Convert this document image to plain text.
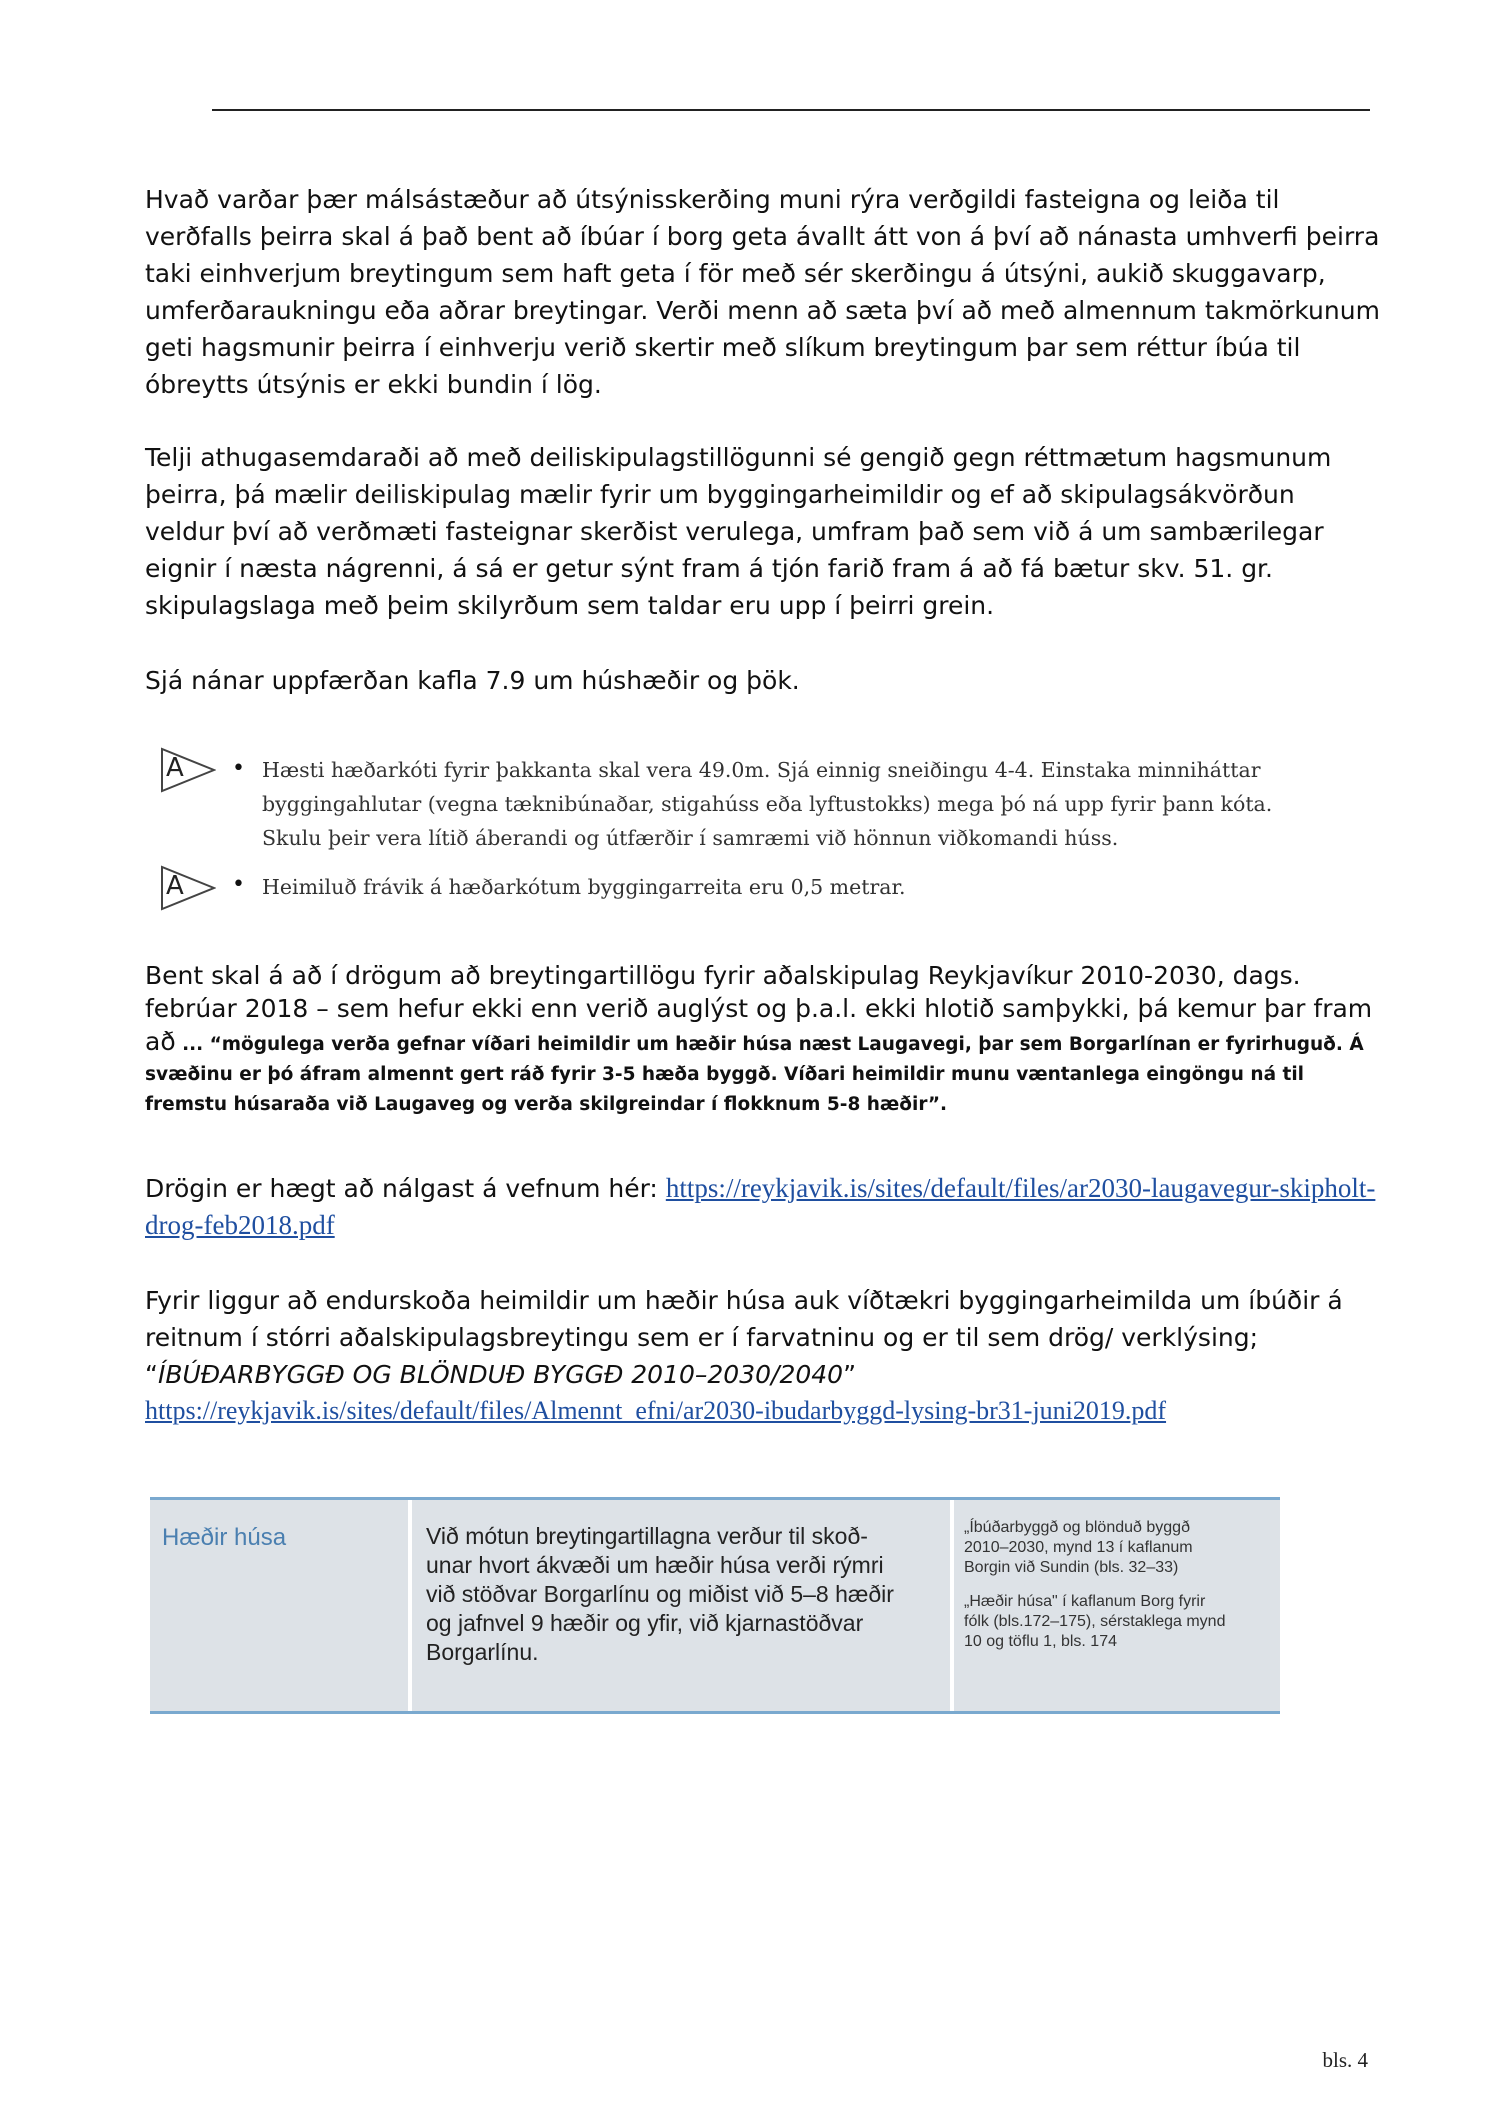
Hvað varðar þær málsástæður að útsýnisskerðing muni rýra verðgildi fasteigna og leiða til verðfalls þeirra skal á það bent að íbúar í borg geta ávallt átt von á því að nánasta umhverfi þeirra taki einhverjum breytingum sem haft geta í för með sér skerðingu á útsýni, aukið skuggavarp, umferðaraukningu eða aðrar breytingar. Verði menn að sæta því að með almennum takmörkunum geti hagsmunir þeirra í einhverju verið skertir með slíkum breytingum þar sem réttur íbúa til óbreytts útsýnis er ekki bundin í lög.

Telji athugasemdaraði að með deiliskipulagstillögunni sé gengið gegn réttmætum hagsmunum þeirra, þá mælir deiliskipulag mælir fyrir um byggingarheimildir og ef að skipulagsákvörðun veldur því að verðmæti fasteignar skerðist verulega, umfram það sem við á um sambærilegar eignir í næsta nágrenni, á sá er getur sýnt fram á tjón farið fram á að fá bætur skv. 51. gr. skipulagslaga með þeim skilyrðum sem taldar eru upp í þeirri grein.

Sjá nánar uppfærðan kafla 7.9 um húshæðir og þök.

A • Hæsti hæðarkóti fyrir þakkanta skal vera 49.0m. Sjá einnig sneiðingu 4-4. Einstaka minniháttar

byggingahlutar (vegna tæknibúnaðar, stigahúss eða lyftustokks) mega þó ná upp fyrir þann kóta.

Skulu þeir vera lítið áberandi og útfærðir í samræmi við hönnun viðkomandi húss.

A • Heimiluð frávik á hæðarkótum byggingarreita eru 0,5 metrar.

Bent skal á að í drögum að breytingartillögu fyrir aðalskipulag Reykjavíkur 2010-2030, dags. febrúar 2018 – sem hefur ekki enn verið auglýst og þ.a.l. ekki hlotið samþykki, þá kemur þar fram að ... “mögulega verða gefnar víðari heimildir um hæðir húsa næst Laugavegi, þar sem Borgarlínan er fyrirhuguð. Á svæðinu er þó áfram almennt gert ráð fyrir 3-5 hæða byggð. Víðari heimildir munu væntanlega eingöngu ná til fremstu húsaraða við Laugaveg og verða skilgreindar í flokknum 5-8 hæðir”.

Drögin er hægt að nálgast á vefnum hér: https://reykjavik.is/sites/default/files/ar2030-laugavegur-skipholt-drog-feb2018.pdf

Fyrir liggur að endurskoða heimildir um hæðir húsa auk víðtækri byggingarheimilda um íbúðir á reitnum í stórri aðalskipulagsbreytingu sem er í farvatninu og er til sem drög/ verklýsing;

“ÍBÚÐARBYGGÐ OG BLÖNDUÐ BYGGÐ 2010–2030/2040”

https://reykjavik.is/sites/default/files/Almennt_efni/ar2030-ibudarbyggd-lysing-br31-juni2019.pdf

Hæðir húsa	Við mótun breytingartillagna verður til skoð-
unar hvort ákvæði um hæðir húsa verði rýmri
við stöðvar Borgarlínu og miðist við 5–8 hæðir
og jafnvel 9 hæðir og yfir, við kjarnastöðvar
Borgarlínu.
„Íbúðarbyggð og blönduð byggð
2010–2030, mynd 13 í kaflanum
Borgin við Sundin (bls. 32–33)
„Hæðir húsa" í kaflanum Borg fyrir
fólk (bls.172–175), sérstaklega mynd
10 og töflu 1, bls. 174
bls. 4
